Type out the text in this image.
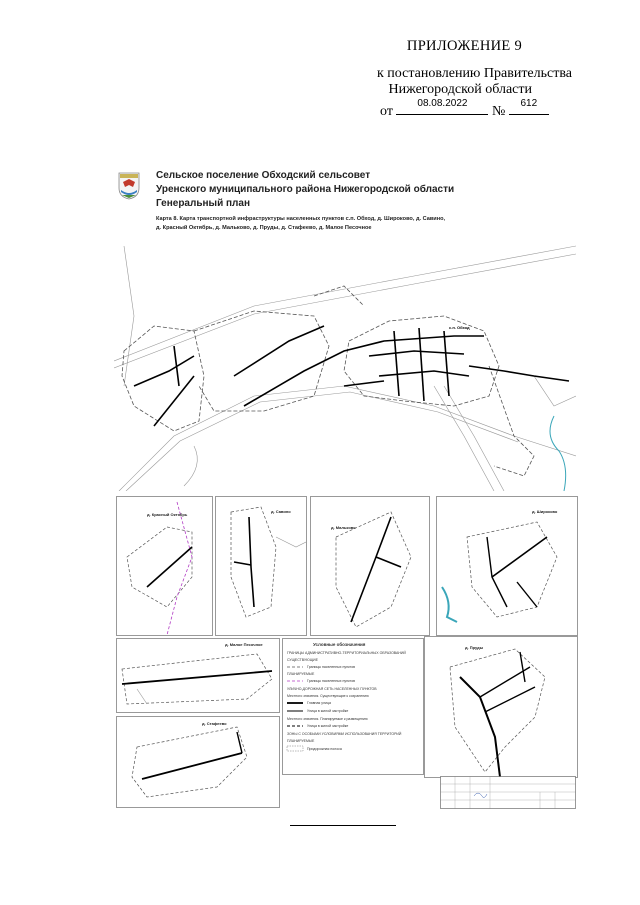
ПРИЛОЖЕНИЕ 9
к постановлению Правительства
Нижегородской области
от
08.08.2022
№
612
Сельское поселение Обходский сельсовет
Уренского муниципального района Нижегородской области
Генеральный план
Карта 8. Карта транспортной инфраструктуры населенных пунктов с.п. Обход, д. Широково, д. Савино,
д. Красный Октябрь, д. Мальково, д. Пруды, д. Стафеево, д. Малое Песочное
с.п. Обход
д. Красный Октябрь
д. Савино
д. Мальково
д. Широково
д. Малое Песочное	Условные обозначения
ГРАНИЦЫ АДМИНИСТРАТИВНО-ТЕРРИТОРИАЛЬНЫХ ОБРАЗОВАНИЙ
СУЩЕСТВУЮЩИЕ
Границы населенных пунктов
ПЛАНИРУЕМЫЕ
Границы населенных пунктов
УЛИЧНО-ДОРОЖНАЯ СЕТЬ НАСЕЛЕННЫХ ПУНКТОВ
Местного значения. Существующие к сохранению
Главная улица
Улица в жилой застройке
Местного значения. Планируемые к размещению
Улица в жилой застройке
ЗОНЫ С ОСОБЫМИ УСЛОВИЯМИ ИСПОЛЬЗОВАНИЯ ТЕРРИТОРИЙ
ПЛАНИРУЕМЫЕ
Придорожная полоса
д. Стафеево
д. Пруды
